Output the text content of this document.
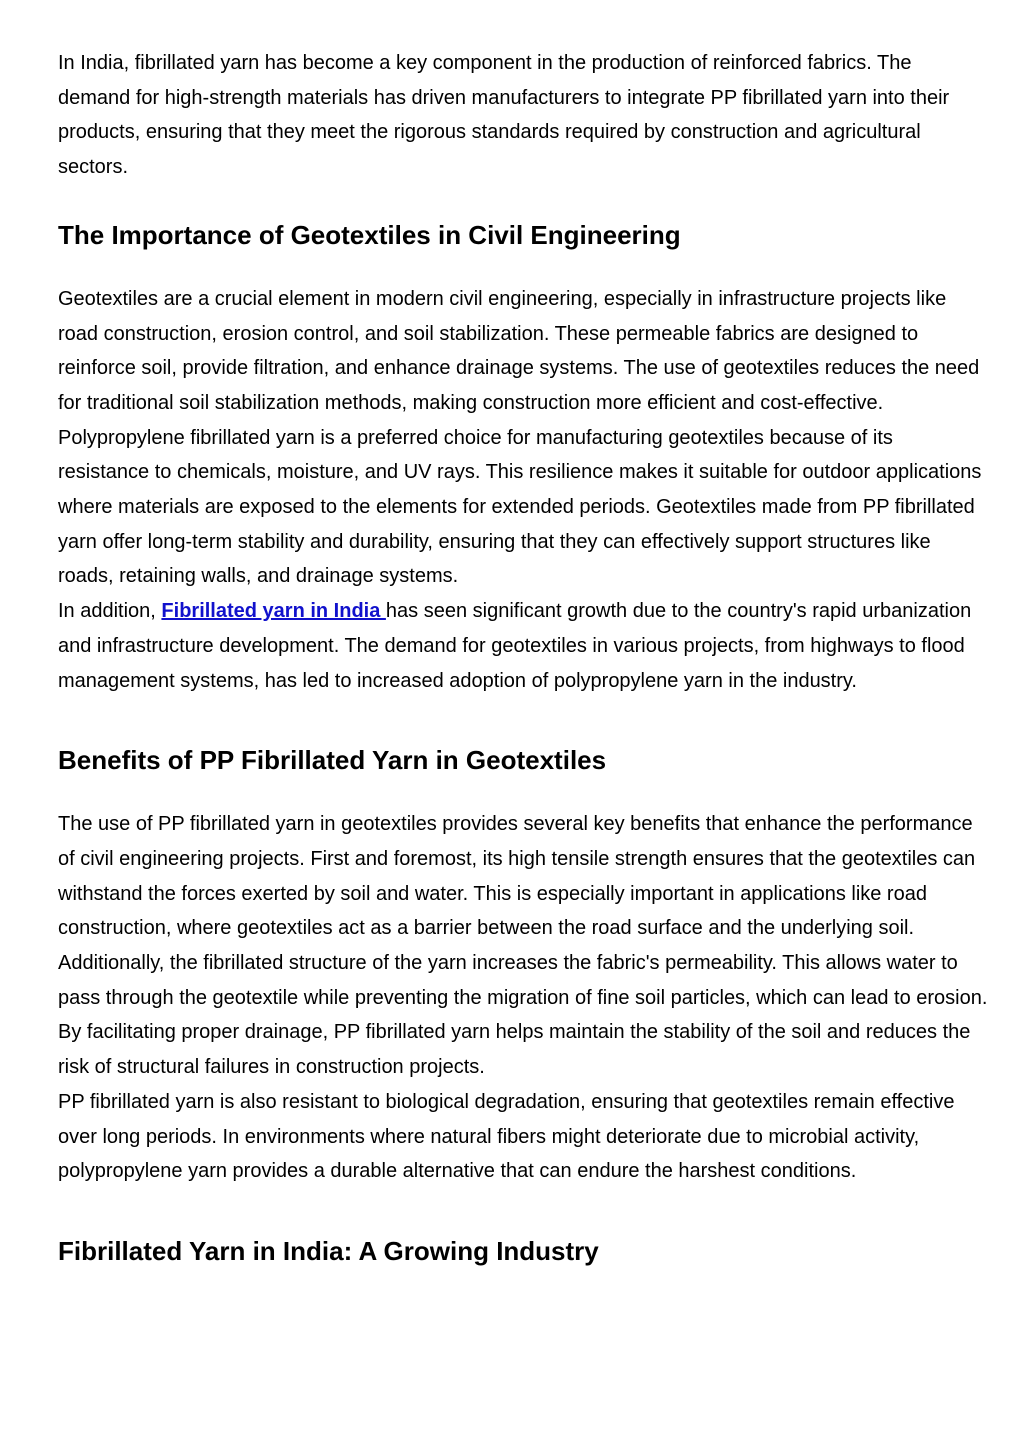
In India, fibrillated yarn has become a key component in the production of reinforced fabrics. The demand for high-strength materials has driven manufacturers to integrate PP fibrillated yarn into their products, ensuring that they meet the rigorous standards required by construction and agricultural sectors.

The Importance of Geotextiles in Civil Engineering

Geotextiles are a crucial element in modern civil engineering, especially in infrastructure projects like road construction, erosion control, and soil stabilization. These permeable fabrics are designed to reinforce soil, provide filtration, and enhance drainage systems. The use of geotextiles reduces the need for traditional soil stabilization methods, making construction more efficient and cost-effective.

Polypropylene fibrillated yarn is a preferred choice for manufacturing geotextiles because of its resistance to chemicals, moisture, and UV rays. This resilience makes it suitable for outdoor applications where materials are exposed to the elements for extended periods. Geotextiles made from PP fibrillated yarn offer long-term stability and durability, ensuring that they can effectively support structures like roads, retaining walls, and drainage systems.

In addition, Fibrillated yarn in India has seen significant growth due to the country's rapid urbanization and infrastructure development. The demand for geotextiles in various projects, from highways to flood management systems, has led to increased adoption of polypropylene yarn in the industry.

Benefits of PP Fibrillated Yarn in Geotextiles

The use of PP fibrillated yarn in geotextiles provides several key benefits that enhance the performance of civil engineering projects. First and foremost, its high tensile strength ensures that the geotextiles can withstand the forces exerted by soil and water. This is especially important in applications like road construction, where geotextiles act as a barrier between the road surface and the underlying soil.

Additionally, the fibrillated structure of the yarn increases the fabric's permeability. This allows water to pass through the geotextile while preventing the migration of fine soil particles, which can lead to erosion. By facilitating proper drainage, PP fibrillated yarn helps maintain the stability of the soil and reduces the risk of structural failures in construction projects.

PP fibrillated yarn is also resistant to biological degradation, ensuring that geotextiles remain effective over long periods. In environments where natural fibers might deteriorate due to microbial activity, polypropylene yarn provides a durable alternative that can endure the harshest conditions.

Fibrillated Yarn in India: A Growing Industry
